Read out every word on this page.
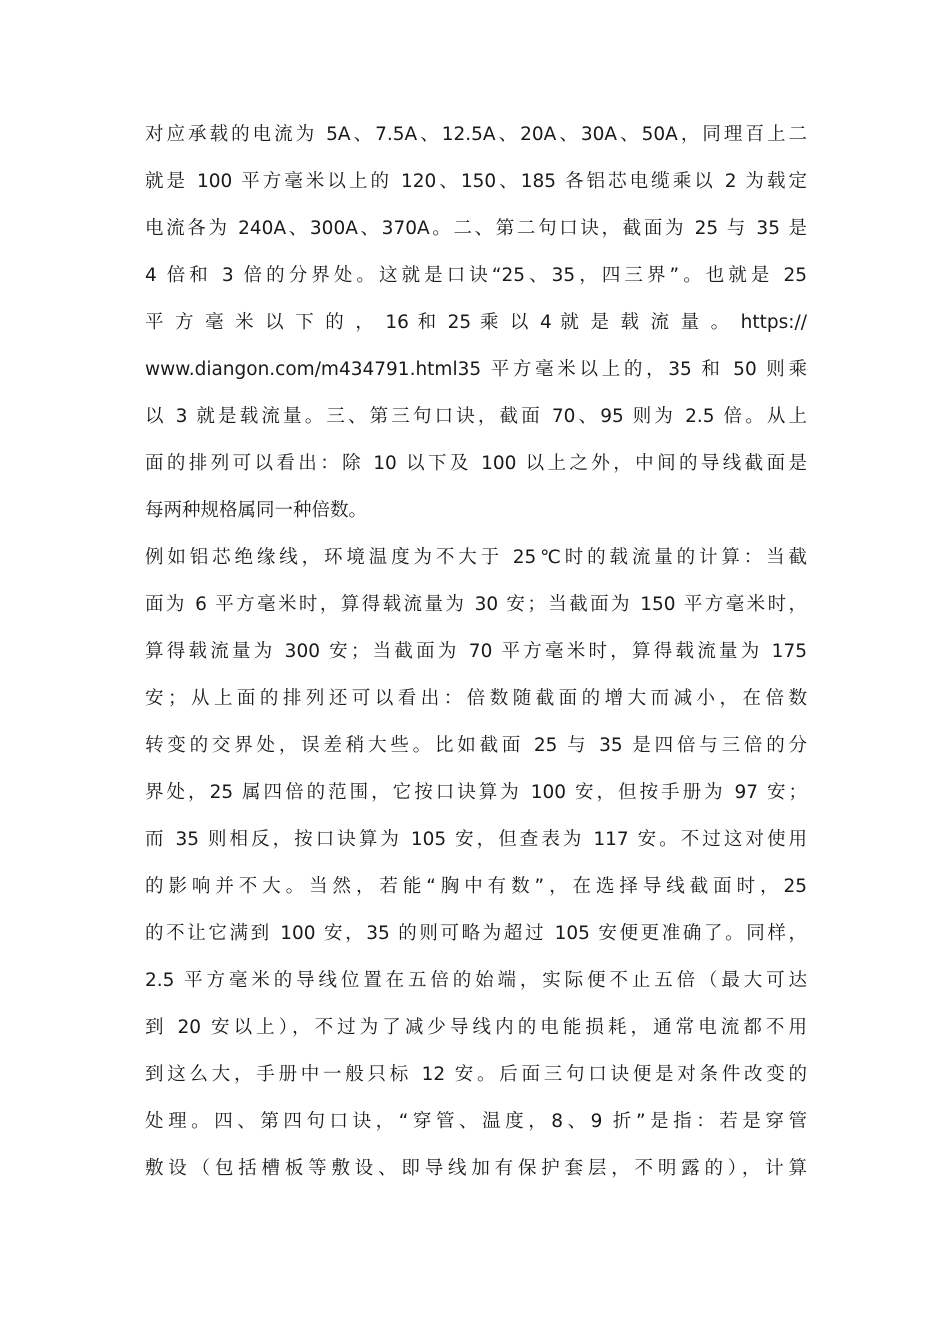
对应承载的电流为 5A、7.5A、12.5A、20A、30A、50A，同理百上二
就是 100 平方毫米以上的 120、150、185 各铝芯电缆乘以 2 为载定
电流各为 240A、300A、370A。二、第二句口诀，截面为 25 与 35 是
4 倍和 3 倍的分界处。这就是口诀“25、35，四三界”。也就是 25
平 方 毫 米 以 下 的 ， 16 和 25 乘 以 4 就 是 载 流 量 。 https://
www.diangon.com/m434791.html35 平方毫米以上的，35 和 50 则乘
以 3 就是载流量。三、第三句口诀，截面 70、95 则为 2.5 倍。从上
面的排列可以看出：除 10 以下及 100 以上之外，中间的导线截面是
每两种规格属同一种倍数。
例如铝芯绝缘线，环境温度为不大于 25℃时的载流量的计算：当截
面为 6 平方毫米时，算得载流量为 30 安；当截面为 150 平方毫米时，
算得载流量为 300 安；当截面为 70 平方毫米时，算得载流量为 175
安；从上面的排列还可以看出：倍数随截面的增大而减小，在倍数
转变的交界处，误差稍大些。比如截面 25 与 35 是四倍与三倍的分
界处，25 属四倍的范围，它按口诀算为 100 安，但按手册为 97 安；
而 35 则相反，按口诀算为 105 安，但查表为 117 安。不过这对使用
的影响并不大。当然，若能“胸中有数”，在选择导线截面时，25
的不让它满到 100 安，35 的则可略为超过 105 安便更准确了。同样，
2.5 平方毫米的导线位置在五倍的始端，实际便不止五倍（最大可达
到 20 安以上），不过为了减少导线内的电能损耗，通常电流都不用
到这么大，手册中一般只标 12 安。后面三句口诀便是对条件改变的
处理。四、第四句口诀，“穿管、温度，8、9 折”是指：若是穿管
敷设（包括槽板等敷设、即导线加有保护套层，不明露的），计算
